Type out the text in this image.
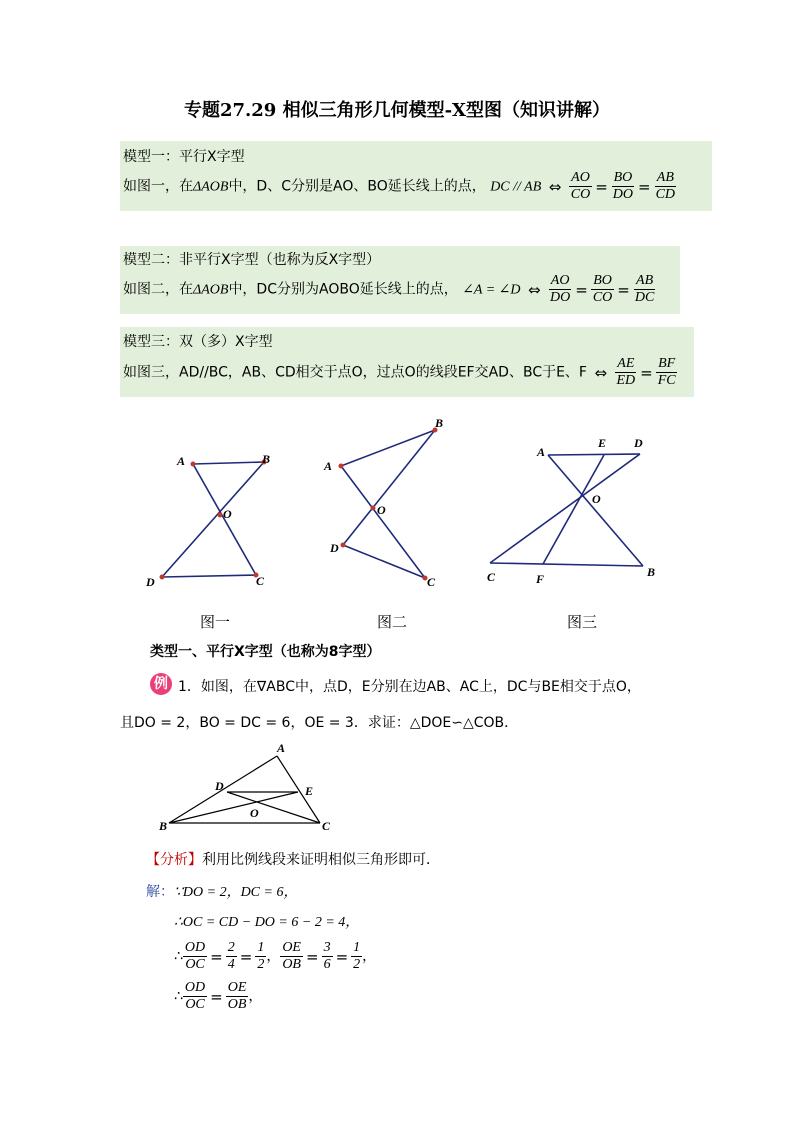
专题27.29 相似三角形几何模型-X型图（知识讲解）
模型一：平行X字型
如图一，在ΔAOB中，D、C分别是AO、BO延长线上的点， DC // AB ⇔ $\frac{AO}{CO} = \frac{BO}{DO} = \frac{AB}{CD}$
模型二：非平行X字型（也称为反X字型）
如图二，在ΔAOB中，DC分别为AOBO延长线上的点， ∠A = ∠D ⇔ $\frac{AO}{DO} = \frac{BO}{CO} = \frac{AB}{DC}$
模型三：双（多）X字型
如图三，AD//BC，AB、CD相交于点O，过点O的线段EF交AD、BC于E、F ⇔ $\frac{AE}{ED} = \frac{BF}{FC}$
A	B
O
D	C
图一
A
B
O
D
C
图二
A
E D
O
C	F	B
图三
类型一、平行X字型（也称为8字型）
例 1．如图，在∇ABC中，点D，E分别在边AB、AC上，DC与BE相交于点O，
且DO = 2，BO = DC = 6，OE = 3．求证：△DOE∽△COB．
A
D	E
O
B	C
【分析】利用比例线段来证明相似三角形即可．
解：∵DO = 2，DC = 6，
∴OC = CD − DO = 6 − 2 = 4，
∴ $\frac{OD}{OC} = \frac{2}{4} = \frac{1}{2}$ ， $\frac{OE}{OB} = \frac{3}{6} = \frac{1}{2}$ ，
∴ $\frac{OD}{OC} = \frac{OE}{OB}$ ，
